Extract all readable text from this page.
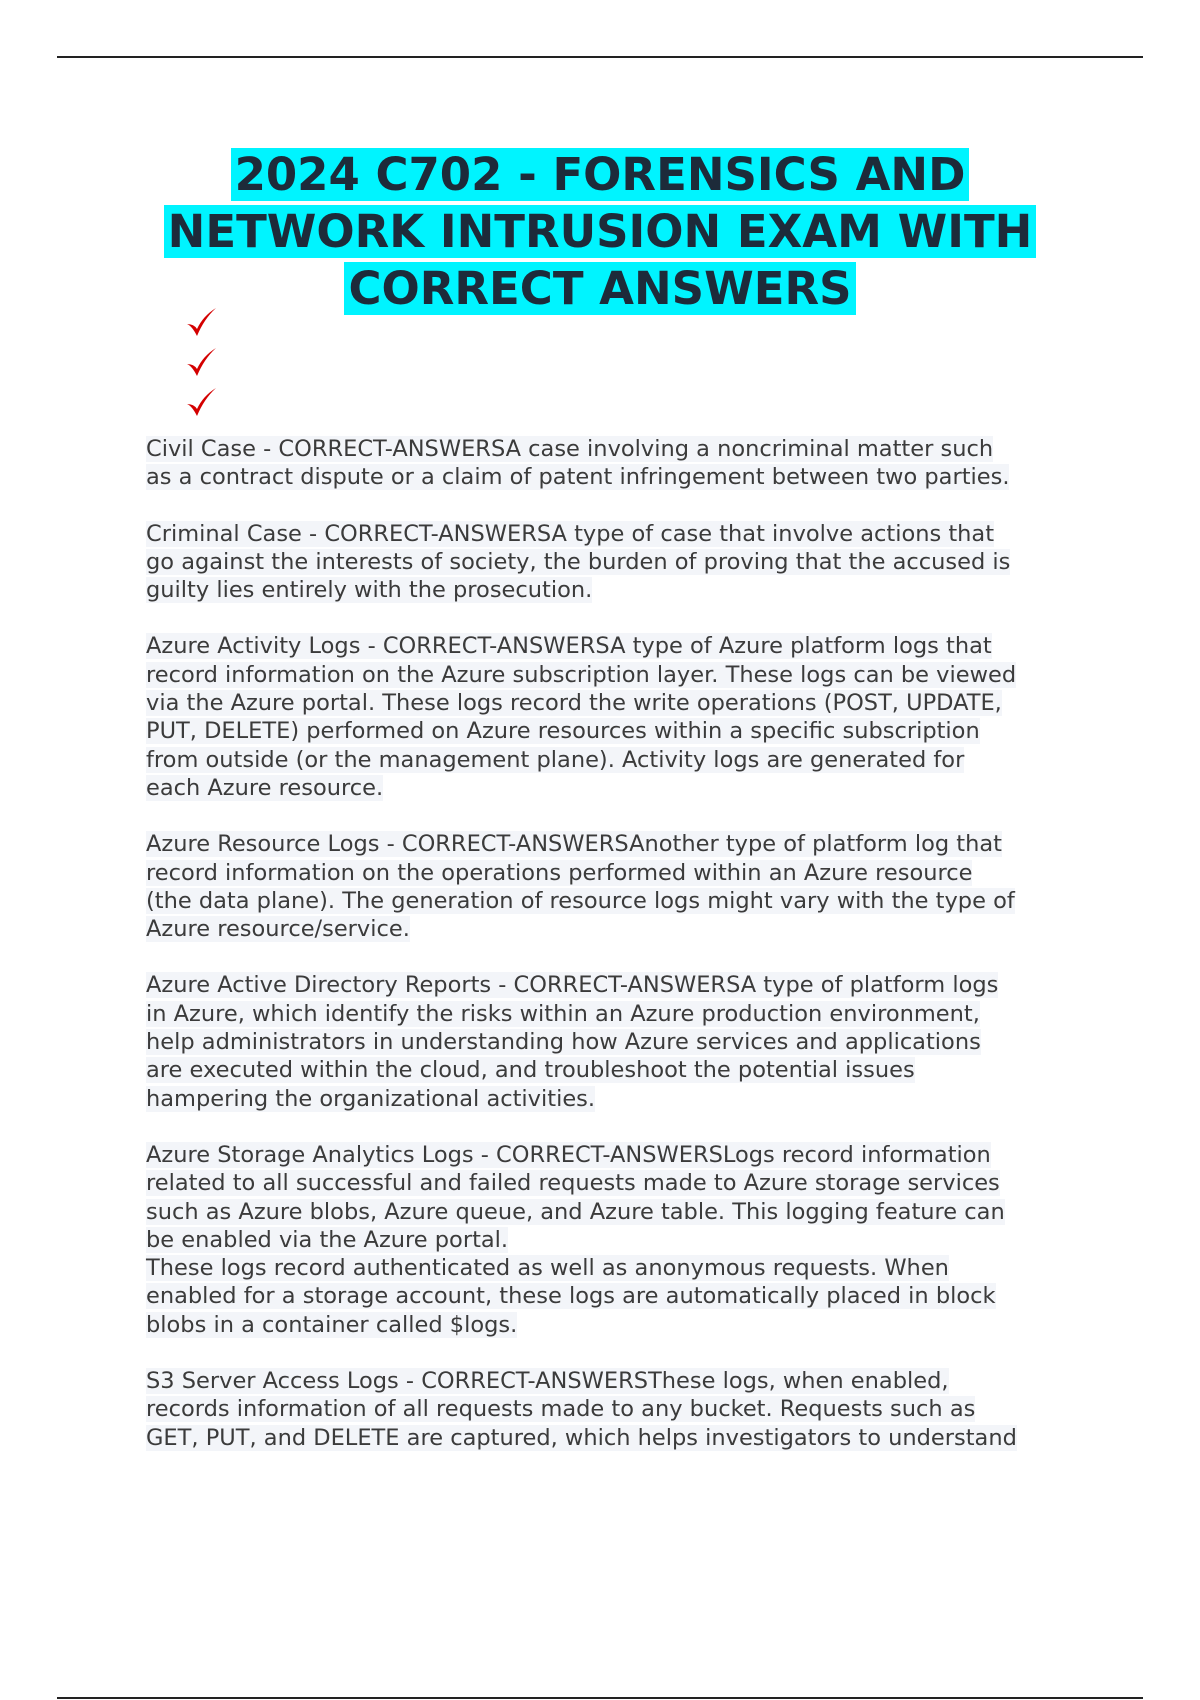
2024 C702 - FORENSICS AND
NETWORK INTRUSION EXAM WITH
CORRECT ANSWERS
Civil Case - CORRECT-ANSWERSA case involving a noncriminal matter such
as a contract dispute or a claim of patent infringement between two parties.
Criminal Case - CORRECT-ANSWERSA type of case that involve actions that
go against the interests of society, the burden of proving that the accused is
guilty lies entirely with the prosecution.
Azure Activity Logs - CORRECT-ANSWERSA type of Azure platform logs that
record information on the Azure subscription layer. These logs can be viewed
via the Azure portal. These logs record the write operations (POST, UPDATE,
PUT, DELETE) performed on Azure resources within a specific subscription
from outside (or the management plane). Activity logs are generated for
each Azure resource.
Azure Resource Logs - CORRECT-ANSWERSAnother type of platform log that
record information on the operations performed within an Azure resource
(the data plane). The generation of resource logs might vary with the type of
Azure resource/service.
Azure Active Directory Reports - CORRECT-ANSWERSA type of platform logs
in Azure, which identify the risks within an Azure production environment,
help administrators in understanding how Azure services and applications
are executed within the cloud, and troubleshoot the potential issues
hampering the organizational activities.
Azure Storage Analytics Logs - CORRECT-ANSWERSLogs record information
related to all successful and failed requests made to Azure storage services
such as Azure blobs, Azure queue, and Azure table. This logging feature can
be enabled via the Azure portal.
These logs record authenticated as well as anonymous requests. When
enabled for a storage account, these logs are automatically placed in block
blobs in a container called $logs.
S3 Server Access Logs - CORRECT-ANSWERSThese logs, when enabled,
records information of all requests made to any bucket. Requests such as
GET, PUT, and DELETE are captured, which helps investigators to understand
